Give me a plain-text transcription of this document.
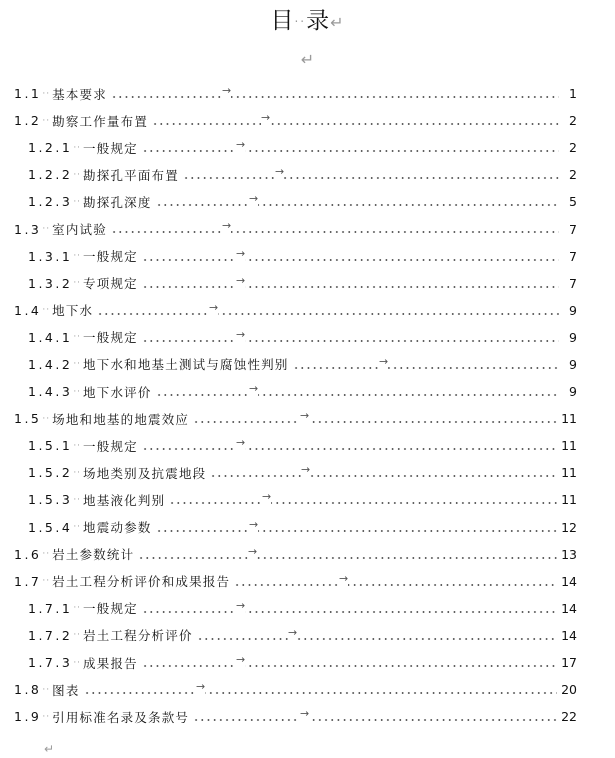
目··录↵
↵
1.1 ·· 基本要求	→	1
1.2 ·· 勘察工作量布置	→	2
1.2.1 ·· 一般规定	→	2
1.2.2 ·· 勘探孔平面布置	→	2
1.2.3 ·· 勘探孔深度	→	5
1.3 ·· 室内试验	→	7
1.3.1 ·· 一般规定	→	7
1.3.2 ·· 专项规定	→	7
1.4 ·· 地下水	→	9
1.4.1 ·· 一般规定	→	9
1.4.2 ·· 地下水和地基土测试与腐蚀性判别	→	9
1.4.3 ·· 地下水评价	→	9
1.5 ·· 场地和地基的地震效应	→	11
1.5.1 ·· 一般规定	→	11
1.5.2 ·· 场地类别及抗震地段	→	11
1.5.3 ·· 地基液化判别	→	11
1.5.4 ·· 地震动参数	→	12
1.6 ·· 岩土参数统计	→	13
1.7 ·· 岩土工程分析评价和成果报告	→	14
1.7.1 ·· 一般规定	→	14
1.7.2 ·· 岩土工程分析评价	→	14
1.7.3 ·· 成果报告	→	17
1.8 ·· 图表	→	20
1.9 ·· 引用标准名录及条款号	→	22
↵
